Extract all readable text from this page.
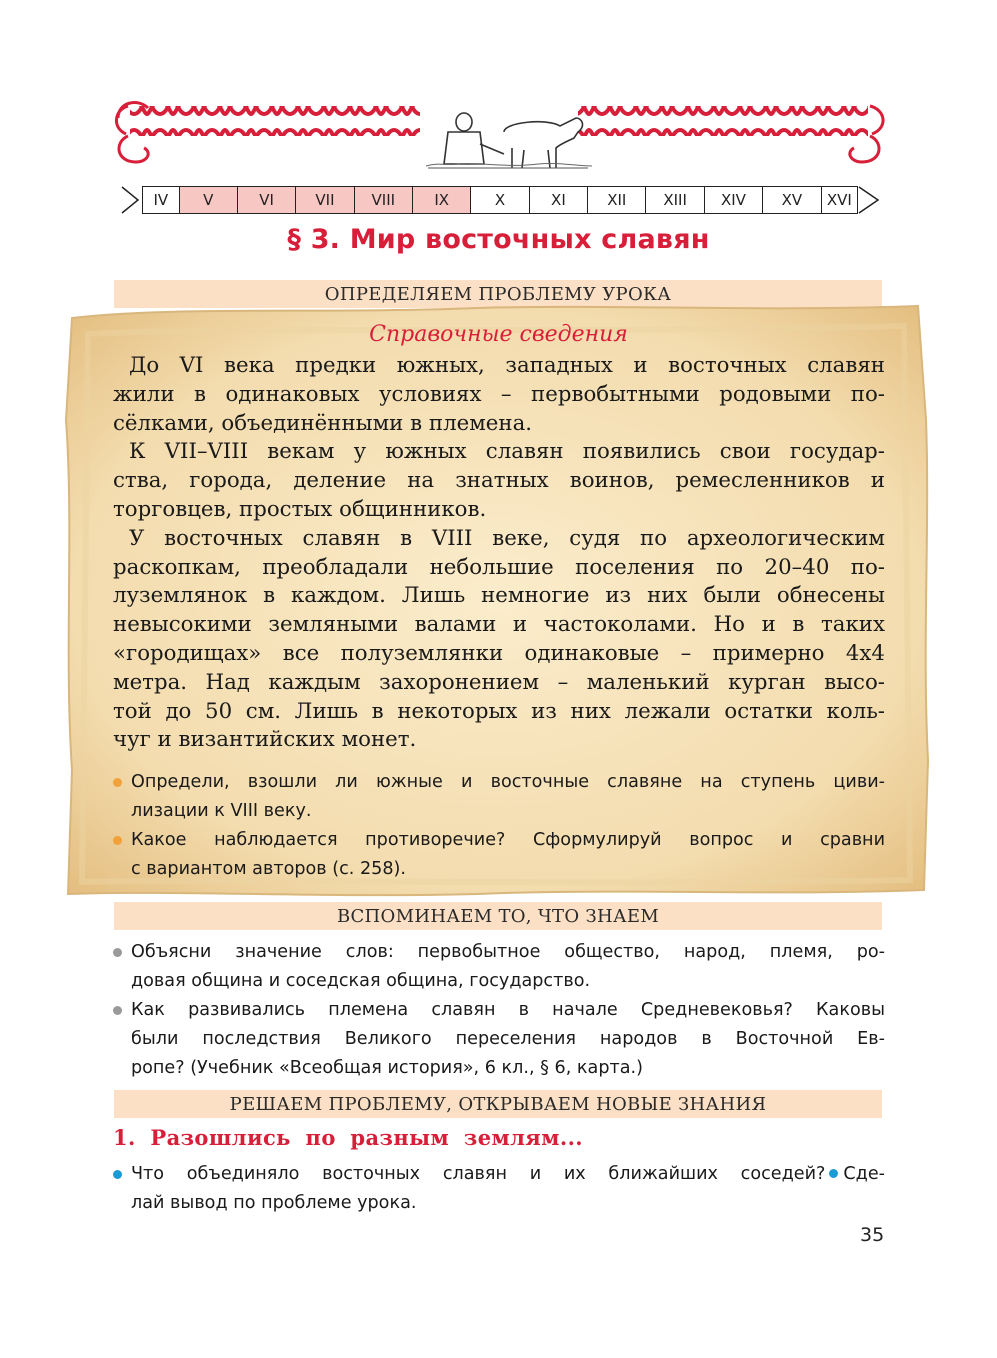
IV	V	VI	VII	VIII	IX	X	XI	XII	XIII	XIV	XV	XVI
§ 3. Мир восточных славян
ОПРЕДЕЛЯЕМ ПРОБЛЕМУ УРОКА
Справочные сведения
До VI века предки южных, западных и восточных славян
жили в одинаковых условиях – первобытными родовыми по-
сёлками, объединёнными в племена.
К VII–VIII векам у южных славян появились свои государ-
ства, города, деление на знатных воинов, ремесленников и
торговцев, простых общинников.
У восточных славян в VIII веке, судя по археологическим
раскопкам, преобладали небольшие поселения по 20–40 по-
луземлянок в каждом. Лишь немногие из них были обнесены
невысокими земляными валами и частоколами. Но и в таких
«городищах» все полуземлянки одинаковые – примерно 4х4
метра. Над каждым захоронением – маленький курган высо-
той до 50 см. Лишь в некоторых из них лежали остатки коль-
чуг и византийских монет.
Определи, взошли ли южные и восточные славяне на ступень циви-
лизации к VIII веку.
Какое наблюдается противоречие? Сформулируй вопрос и сравни
с вариантом авторов (с. 258).
ВСПОМИНАЕМ ТО, ЧТО ЗНАЕМ
Объясни значение слов: первобытное общество, народ, племя, ро-
довая община и соседская община, государство.
Как развивались племена славян в начале Средневековья? Каковы
были последствия Великого переселения народов в Восточной Ев-
ропе? (Учебник «Всеобщая история», 6 кл., § 6, карта.)
РЕШАЕМ ПРОБЛЕМУ, ОТКРЫВАЕМ НОВЫЕ ЗНАНИЯ
1. Разошлись по разным землям...
Что объединяло восточных славян и их ближайших соседей? Сде-
лай вывод по проблеме урока.
35
